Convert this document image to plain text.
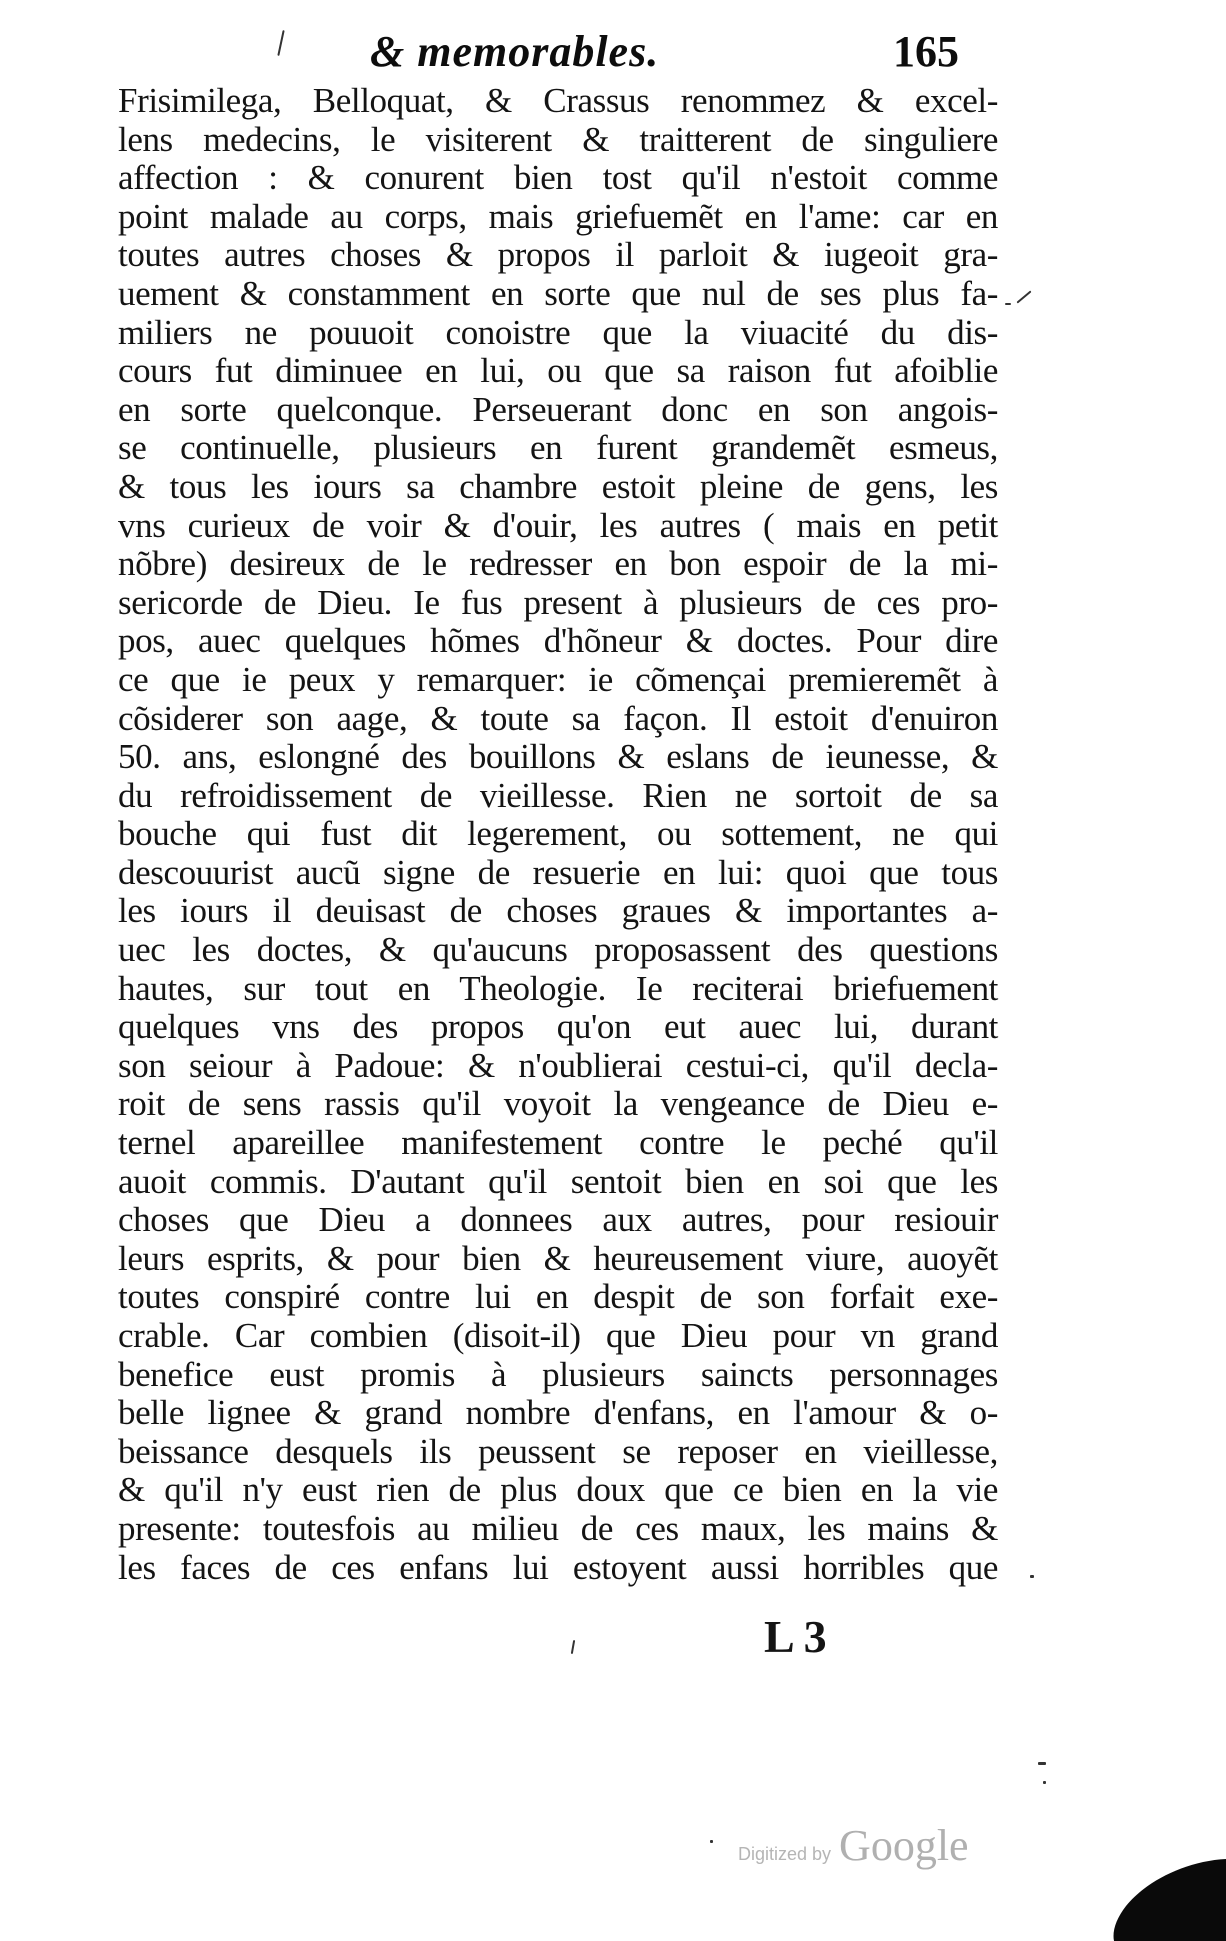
& memorables.	165
Frisimilega, Belloquat, & Crassus renommez & excel-
lens medecins, le visiterent & traitterent de singuliere
affection : & conurent bien tost qu'il n'estoit comme
point malade au corps, mais griefuemẽt en l'ame: car en
toutes autres choses & propos il parloit & iugeoit gra-
uement & constamment en sorte que nul de ses plus fa-
miliers ne pouuoit conoistre que la viuacité du dis-
cours fut diminuee en lui, ou que sa raison fut afoiblie
en sorte quelconque. Perseuerant donc en son angois-
se continuelle, plusieurs en furent grandemẽt esmeus,
& tous les iours sa chambre estoit pleine de gens, les
vns curieux de voir & d'ouir, les autres ( mais en petit
nõbre) desireux de le redresser en bon espoir de la mi-
sericorde de Dieu. Ie fus present à plusieurs de ces pro-
pos, auec quelques hõmes d'hõneur & doctes. Pour dire
ce que ie peux y remarquer: ie cõmençai premieremẽt à
cõsiderer son aage, & toute sa façon. Il estoit d'enuiron
50. ans, eslongné des bouillons & eslans de ieunesse, &
du refroidissement de vieillesse. Rien ne sortoit de sa
bouche qui fust dit legerement, ou sottement, ne qui
descouurist aucũ signe de resuerie en lui: quoi que tous
les iours il deuisast de choses graues & importantes a-
uec les doctes, & qu'aucuns proposassent des questions
hautes, sur tout en Theologie. Ie reciterai briefuement
quelques vns des propos qu'on eut auec lui, durant
son seiour à Padoue: & n'oublierai cestui-ci, qu'il decla-
roit de sens rassis qu'il voyoit la vengeance de Dieu e-
ternel apareillee manifestement contre le peché qu'il
auoit commis. D'autant qu'il sentoit bien en soi que les
choses que Dieu a donnees aux autres, pour resiouir
leurs esprits, & pour bien & heureusement viure, auoyẽt
toutes conspiré contre lui en despit de son forfait exe-
crable. Car combien (disoit-il) que Dieu pour vn grand
benefice eust promis à plusieurs saincts personnages
belle lignee & grand nombre d'enfans, en l'amour & o-
beissance desquels ils peussent se reposer en vieillesse,
& qu'il n'y eust rien de plus doux que ce bien en la vie
presente: toutesfois au milieu de ces maux, les mains &
les faces de ces enfans lui estoyent aussi horribles que
L 3
Digitized by Google
